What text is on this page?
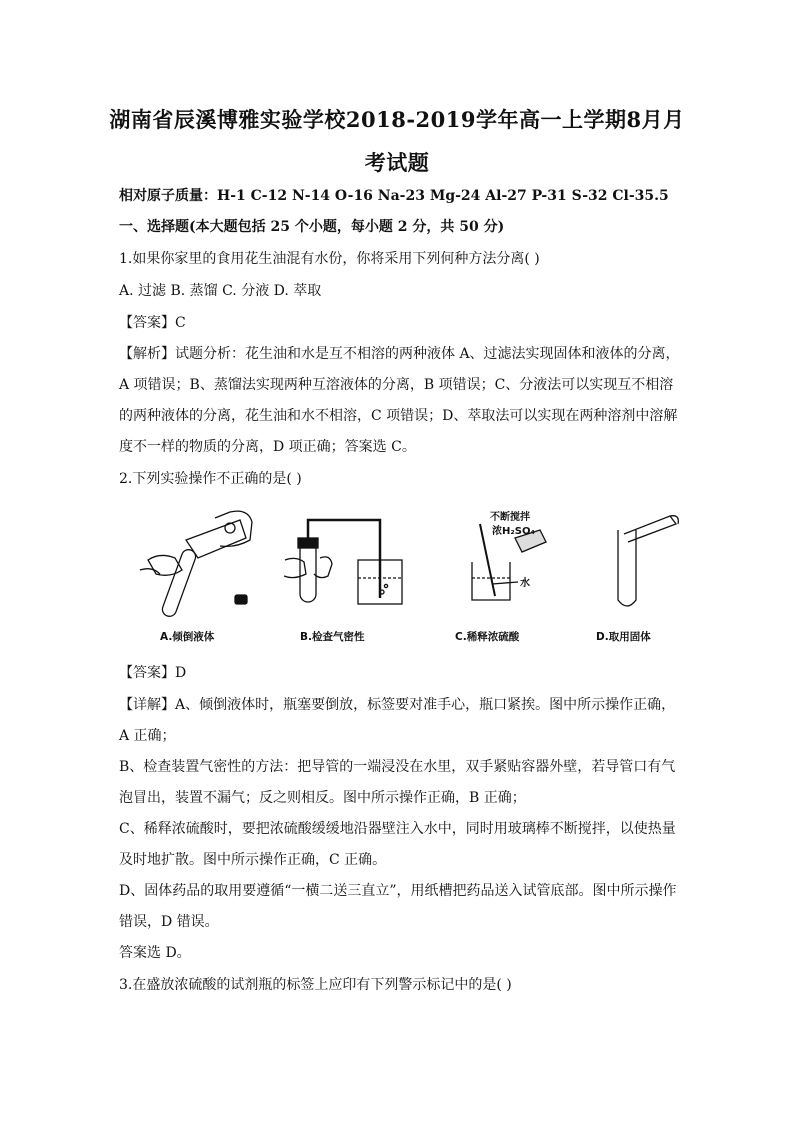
湖南省辰溪博雅实验学校2018-2019学年高一上学期8月月
考试题
相对原子质量：H-1 C-12 N-14 O-16 Na-23 Mg-24 Al-27 P-31 S-32 Cl-35.5
一、选择题(本大题包括 25 个小题，每小题 2 分，共 50 分)
1.如果你家里的食用花生油混有水份，你将采用下列何种方法分离( )
A. 过滤 B. 蒸馏 C. 分液 D. 萃取
【答案】C
【解析】试题分析：花生油和水是互不相溶的两种液体 A、过滤法实现固体和液体的分离，
A 项错误；B、蒸馏法实现两种互溶液体的分离，B 项错误；C、分液法可以实现互不相溶
的两种液体的分离，花生油和水不相溶，C 项错误；D、萃取法可以实现在两种溶剂中溶解
度不一样的物质的分离，D 项正确；答案选 C。
2.下列实验操作不正确的是( )
A.倾倒液体	B.检查气密性
不断搅拌
浓H₂SO₄
水
C.稀释浓硫酸	D.取用固体
【答案】D
【详解】A、倾倒液体时，瓶塞要倒放，标签要对准手心，瓶口紧挨。图中所示操作正确，
A 正确；
B、检查装置气密性的方法：把导管的一端浸没在水里，双手紧贴容器外壁，若导管口有气
泡冒出，装置不漏气；反之则相反。图中所示操作正确，B 正确；
C、稀释浓硫酸时，要把浓硫酸缓缓地沿器壁注入水中，同时用玻璃棒不断搅拌，以使热量
及时地扩散。图中所示操作正确，C 正确。
D、固体药品的取用要遵循“一横二送三直立”，用纸槽把药品送入试管底部。图中所示操作
错误，D 错误。
答案选 D。
3.在盛放浓硫酸的试剂瓶的标签上应印有下列警示标记中的是( )
